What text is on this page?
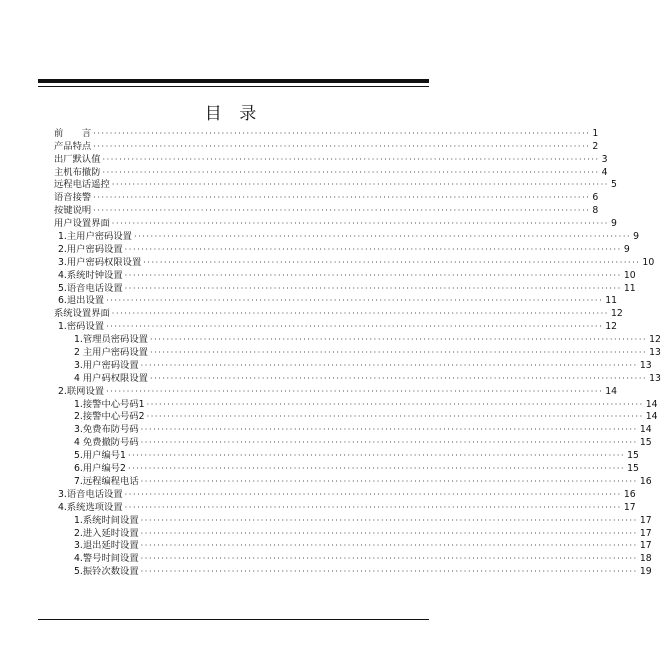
目 录
前　　言 ························································································································ 1
产品特点 ························································································································ 2
出厂默认值 ························································································································ 3
主机布撤防 ························································································································ 4
远程电话遥控 ························································································································ 5
语音接警 ························································································································ 6
按键说明 ························································································································ 8
用户设置界面 ························································································································ 9
1.主用户密码设置 ························································································································ 9
2.用户密码设置 ························································································································ 9
3.用户密码权限设置 ························································································································ 10
4.系统时钟设置 ························································································································ 10
5.语音电话设置 ························································································································ 11
6.退出设置 ························································································································ 11
系统设置界面 ························································································································ 12
1.密码设置 ························································································································ 12
1.管理员密码设置 ························································································································ 12
2 主用户密码设置 ························································································································ 13
3.用户密码设置 ························································································································ 13
4 用户码权限设置 ························································································································ 13
2.联网设置 ························································································································ 14
1.接警中心号码1 ························································································································ 14
2.接警中心号码2 ························································································································ 14
3.免费布防号码 ························································································································ 14
4 免费撤防号码 ························································································································ 15
5.用户编号1 ························································································································ 15
6.用户编号2 ························································································································ 15
7.远程编程电话 ························································································································ 16
3.语音电话设置 ························································································································ 16
4.系统选项设置 ························································································································ 17
1.系统时间设置 ························································································································ 17
2.进入延时设置 ························································································································ 17
3.退出延时设置 ························································································································ 17
4.警号时间设置 ························································································································ 18
5.振铃次数设置 ························································································································ 19
